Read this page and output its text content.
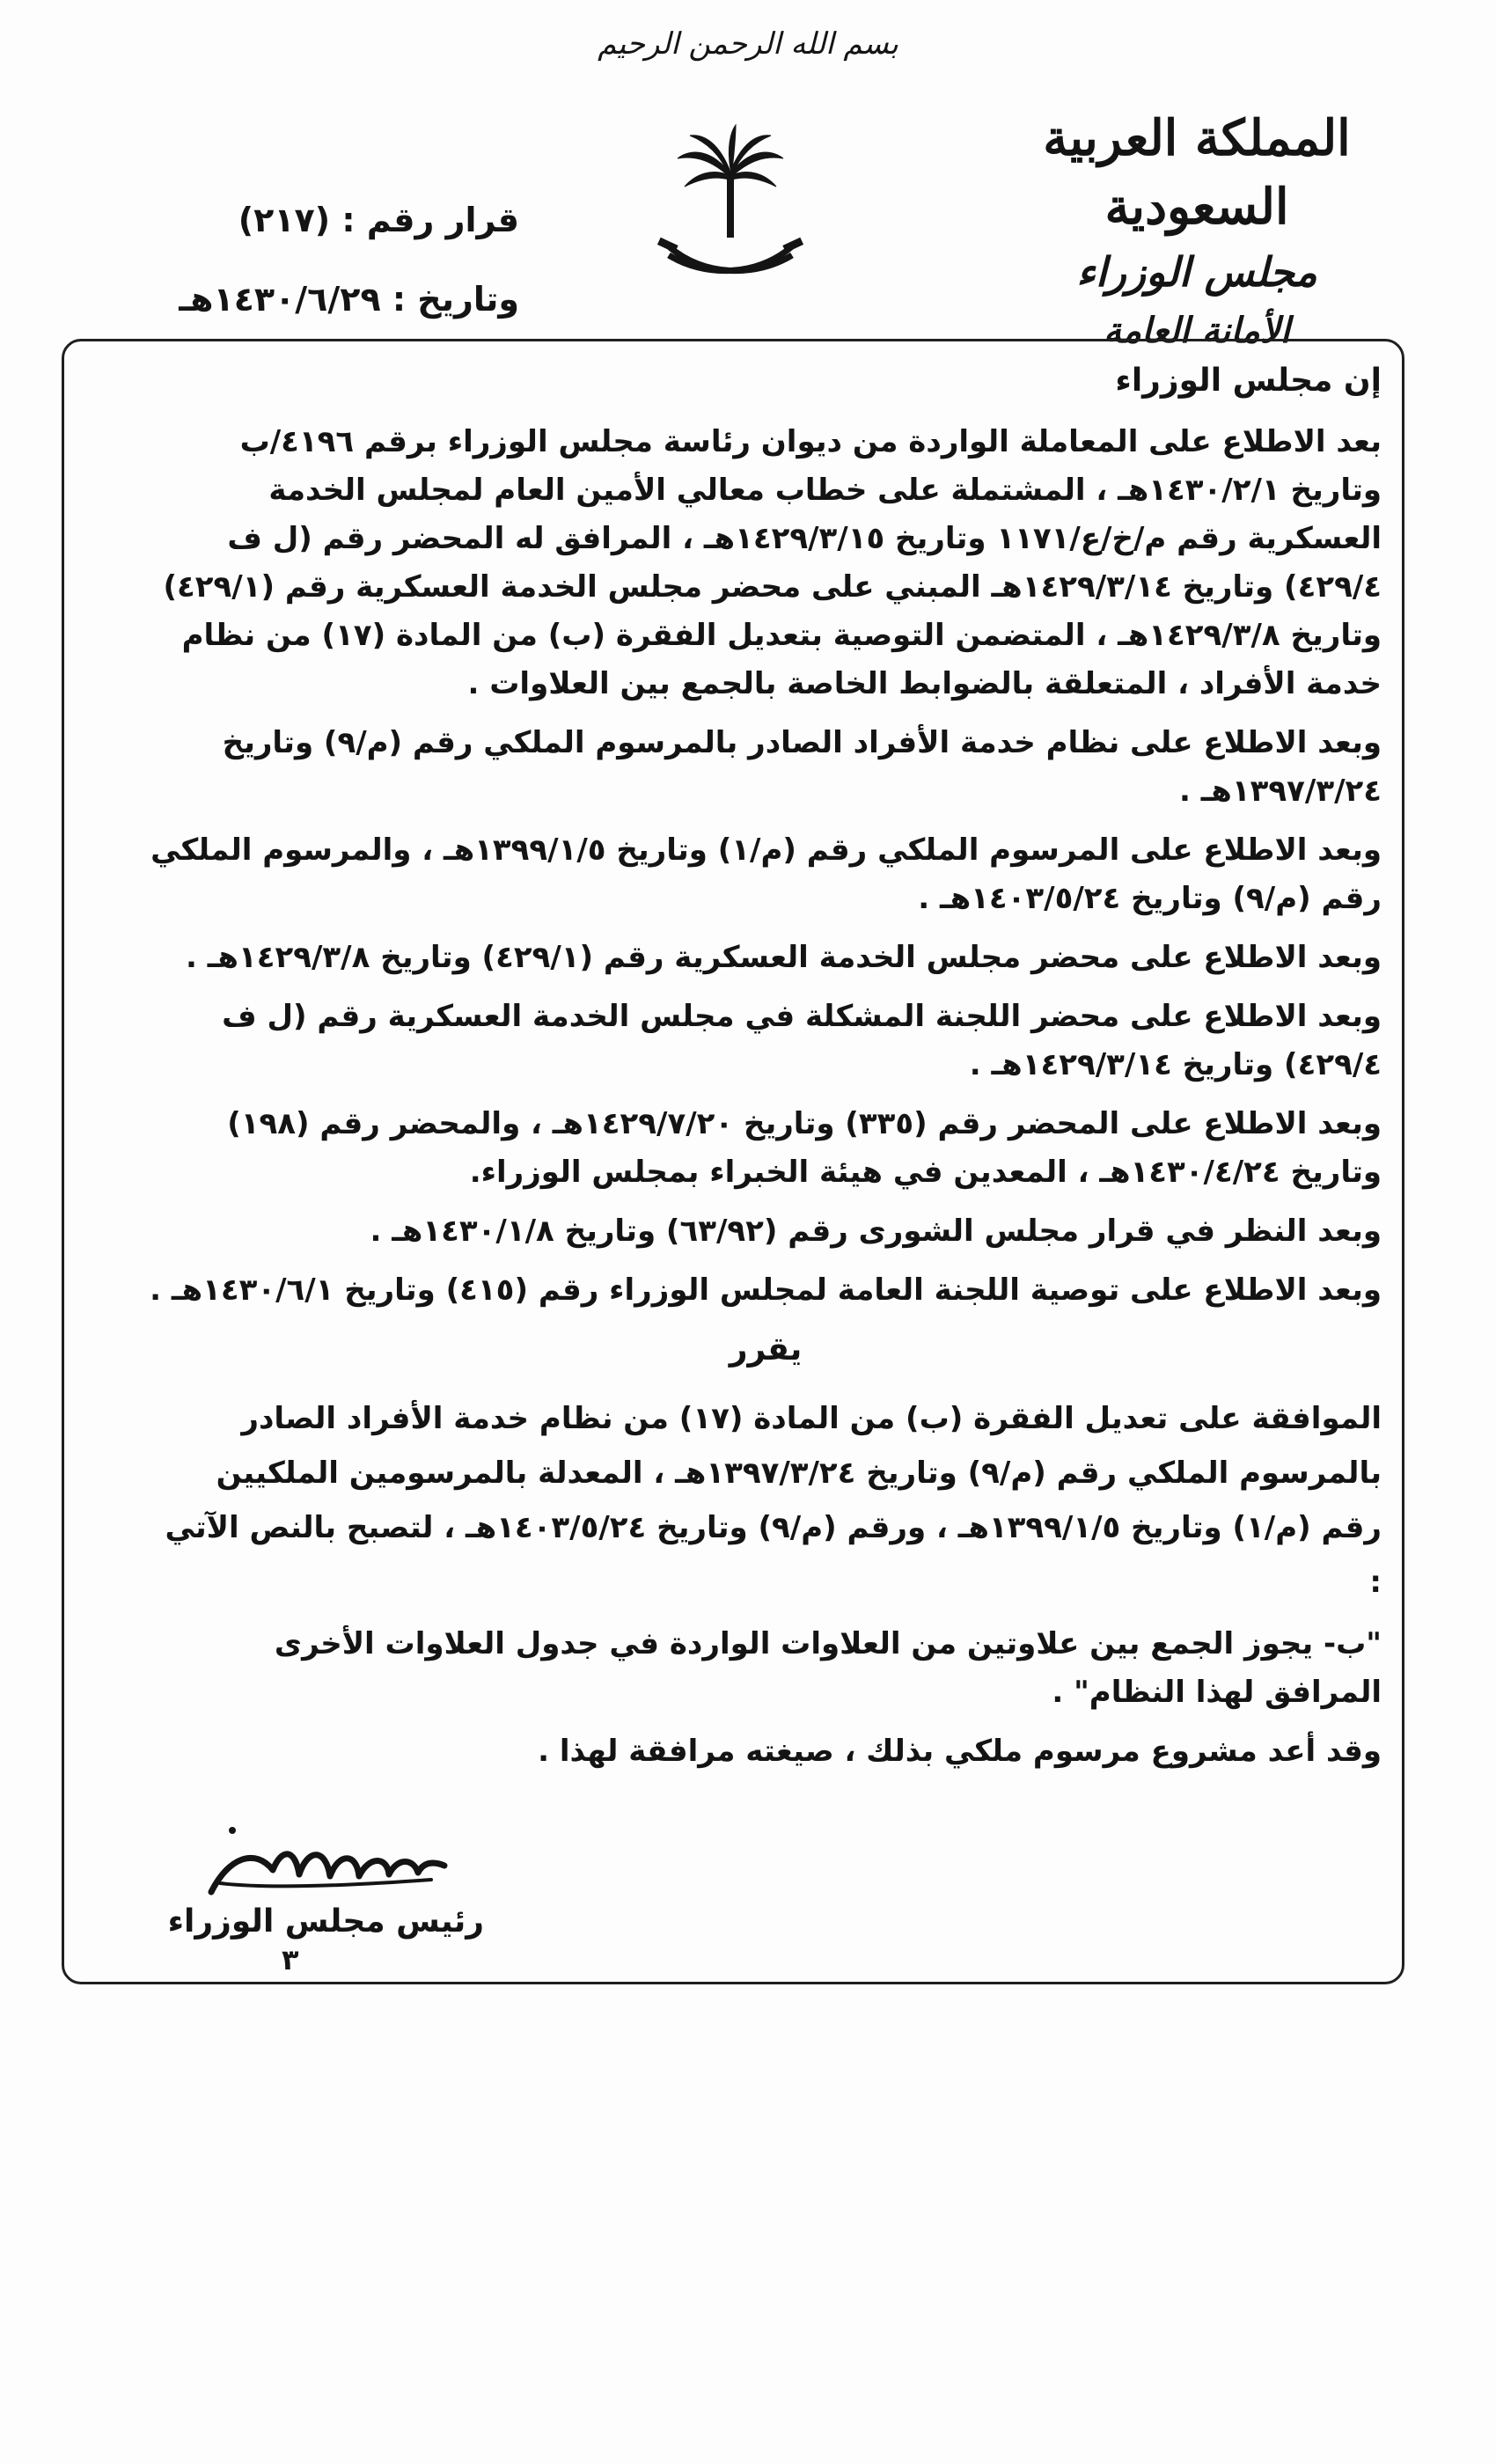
بسم الله الرحمن الرحيم
المملكة العربية السعودية
مجلس الوزراء
الأمانة العامة
قرار رقم : (٢١٧)
وتاريخ : ١٤٣٠/٦/٢٩هـ

إن مجلس الوزراء

بعد الاطلاع على المعاملة الواردة من ديوان رئاسة مجلس الوزراء برقم ٤١٩٦/ب وتاريخ ١٤٣٠/٢/١هـ ، المشتملة على خطاب معالي الأمين العام لمجلس الخدمة العسكرية رقم م/خ/ع/١١٧١ وتاريخ ١٤٢٩/٣/١٥هـ ، المرافق له المحضر رقم (ل ف ٤٢٩/٤) وتاريخ ١٤٢٩/٣/١٤هـ المبني على محضر مجلس الخدمة العسكرية رقم (٤٢٩/١) وتاريخ ١٤٢٩/٣/٨هـ ، المتضمن التوصية بتعديل الفقرة (ب) من المادة (١٧) من نظام خدمة الأفراد ، المتعلقة بالضوابط الخاصة بالجمع بين العلاوات .

وبعد الاطلاع على نظام خدمة الأفراد الصادر بالمرسوم الملكي رقم (م/٩) وتاريخ ١٣٩٧/٣/٢٤هـ .

وبعد الاطلاع على المرسوم الملكي رقم (م/١) وتاريخ ١٣٩٩/١/٥هـ ، والمرسوم الملكي رقم (م/٩) وتاريخ ١٤٠٣/٥/٢٤هـ .

وبعد الاطلاع على محضر مجلس الخدمة العسكرية رقم (٤٢٩/١) وتاريخ ١٤٢٩/٣/٨هـ .

وبعد الاطلاع على محضر اللجنة المشكلة في مجلس الخدمة العسكرية رقم (ل ف ٤٢٩/٤) وتاريخ ١٤٢٩/٣/١٤هـ .

وبعد الاطلاع على المحضر رقم (٣٣٥) وتاريخ ١٤٢٩/٧/٢٠هـ ، والمحضر رقم (١٩٨) وتاريخ ١٤٣٠/٤/٢٤هـ ، المعدين في هيئة الخبراء بمجلس الوزراء.

وبعد النظر في قرار مجلس الشورى رقم (٦٣/٩٢) وتاريخ ١٤٣٠/١/٨هـ .

وبعد الاطلاع على توصية اللجنة العامة لمجلس الوزراء رقم (٤١٥) وتاريخ ١٤٣٠/٦/١هـ .

يقرر

الموافقة على تعديل الفقرة (ب) من المادة (١٧) من نظام خدمة الأفراد الصادر بالمرسوم الملكي رقم (م/٩) وتاريخ ١٣٩٧/٣/٢٤هـ ، المعدلة بالمرسومين الملكيين رقم (م/١) وتاريخ ١٣٩٩/١/٥هـ ، ورقم (م/٩) وتاريخ ١٤٠٣/٥/٢٤هـ ، لتصبح بالنص الآتي :

"ب- يجوز الجمع بين علاوتين من العلاوات الواردة في جدول العلاوات الأخرى المرافق لهذا النظام" .

وقد أعد مشروع مرسوم ملكي بذلك ، صيغته مرافقة لهذا .

رئيس مجلس الوزراء
٣
